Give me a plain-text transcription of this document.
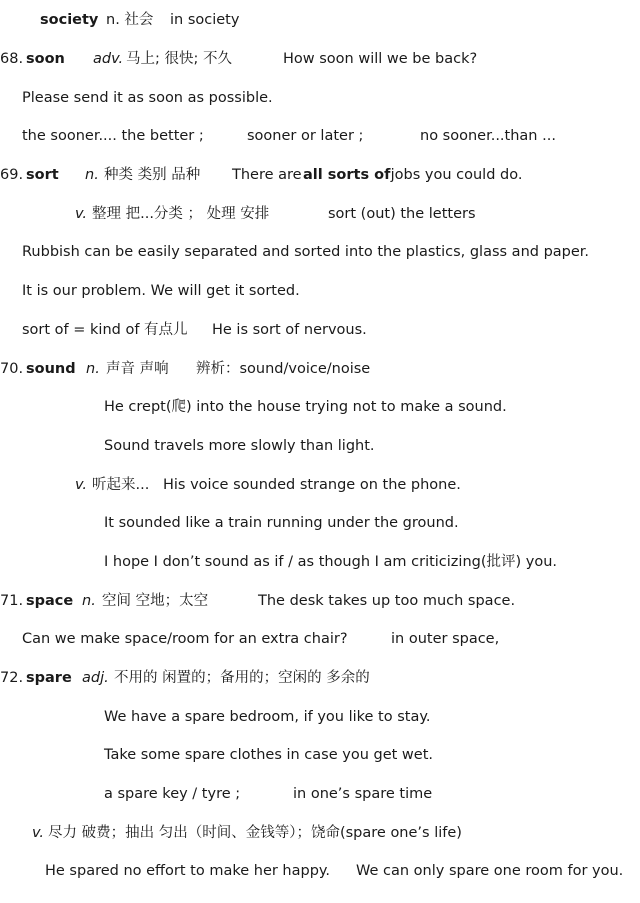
society n. 社会 in society
68.
soon adv. 马上; 很快; 不久	How soon will we be back?
Please send it as soon as possible.
the sooner.... the better ;	sooner or later ;	no sooner...than ...
69.
sort n. 种类 类别 品种 There are
all sorts of
jobs you could do.
v. 整理 把...分类 ； 处理 安排	sort (out) the letters
Rubbish can be easily separated and sorted into the plastics, glass and paper.
It is our problem. We will get it sorted.
sort of = kind of 有点儿 He is sort of nervous.
70.
sound n. 声音 声响 辨析：sound/voice/noise
He crept(爬) into the house trying not to make a sound.
Sound travels more slowly than light.
v. 听起来... His voice sounded strange on the phone.
It sounded like a train running under the ground.
I hope I don’t sound as if / as though I am criticizing(批评) you.
71.
space n. 空间 空地；太空	The desk takes up too much space.
Can we make space/room for an extra chair?	in outer space,
72.
spare adj. 不用的 闲置的；备用的；空闲的 多余的
We have a spare bedroom, if you like to stay.
Take some spare clothes in case you get wet.
a spare key / tyre ;	in one’s spare time
v. 尽力 破费；抽出 匀出（时间、金钱等）；饶命(spare one’s life)
He spared no effort to make her happy. We can only spare one room for you.
